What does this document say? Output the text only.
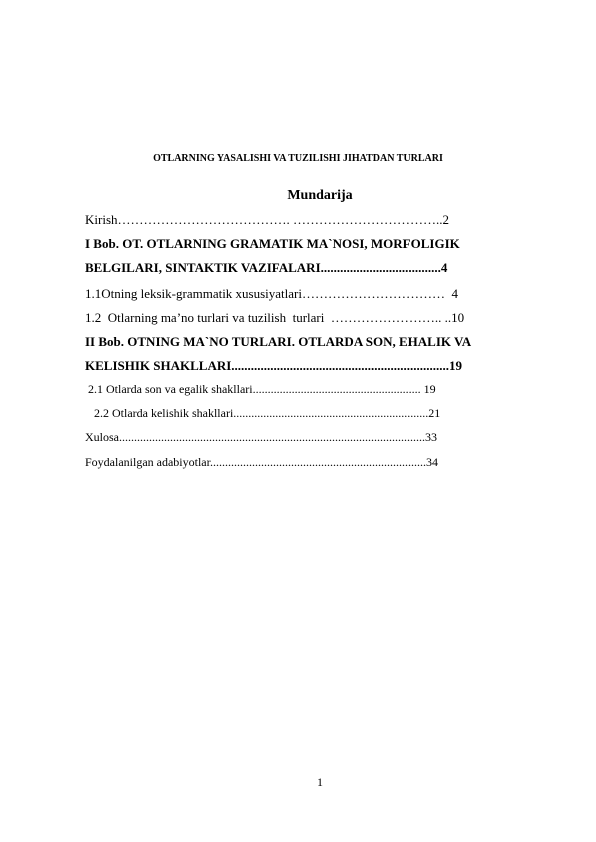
OTLARNING YASALISHI VA TUZILISHI JIHATDAN TURLARI
Mundarija
Kirish…………………………………. ……………………………..2
I Bob. OT. OTLARNING GRAMATIK MA`NOSI, MORFOLIGIK
BELGILARI, SINTAKTIK VAZIFALARI.....................................4
1.1Otning leksik-grammatik xususiyatlari……………………………  4
1.2  Otlarning ma’no turlari va tuzilish  turlari  …………………….. ..10
II Bob. OTNING MA`NO TURLARI. OTLARDA SON, EHALIK VA
KELISHIK SHAKLLARI...................................................................19
2.1 Otlarda son va egalik shakllari........................................................ 19
2.2 Otlarda kelishik shakllari.................................................................21
Xulosa......................................................................................................33
Foydalanilgan adabiyotlar........................................................................34
1
